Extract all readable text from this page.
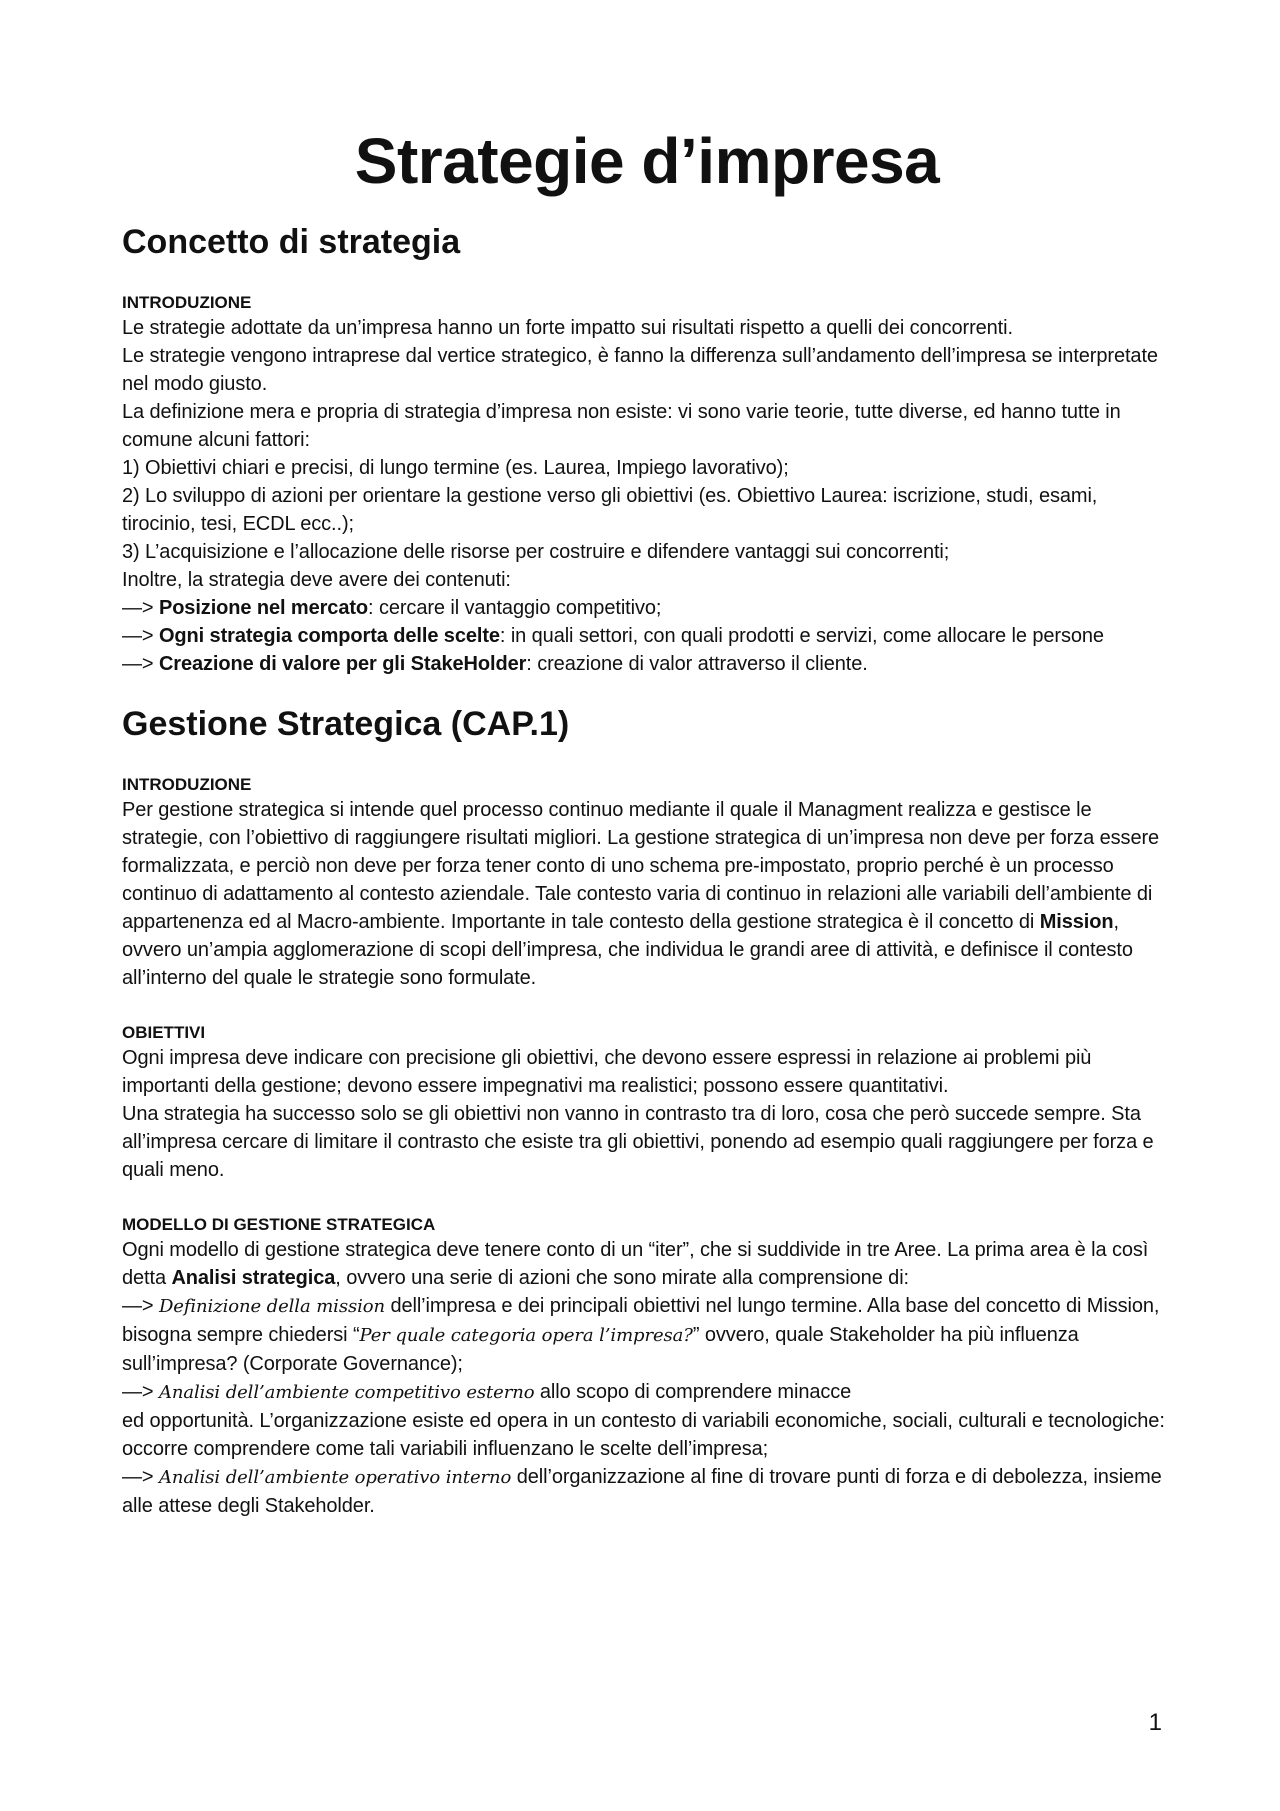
Strategie d’impresa
Concetto di strategia
INTRODUZIONE

Le strategie adottate da un’impresa hanno un forte impatto sui risultati rispetto a quelli dei concorrenti.

Le strategie vengono intraprese dal vertice strategico, è fanno la differenza sull’andamento dell’impresa se interpretate nel modo giusto.

La definizione mera e propria di strategia d’impresa non esiste: vi sono varie teorie, tutte diverse, ed hanno tutte in comune alcuni fattori:

1) Obiettivi chiari e precisi, di lungo termine (es. Laurea, Impiego lavorativo);

2) Lo sviluppo di azioni per orientare la gestione verso gli obiettivi (es. Obiettivo Laurea: iscrizione, studi, esami, tirocinio, tesi, ECDL ecc..);

3) L’acquisizione e l’allocazione delle risorse per costruire e difendere vantaggi sui concorrenti;

Inoltre, la strategia deve avere dei contenuti:

—> Posizione nel mercato: cercare il vantaggio competitivo;

—> Ogni strategia comporta delle scelte: in quali settori, con quali prodotti e servizi, come allocare le persone

—> Creazione di valore per gli StakeHolder: creazione di valor attraverso il cliente.

Gestione Strategica (CAP.1)
INTRODUZIONE

Per gestione strategica si intende quel processo continuo mediante il quale il Managment realizza e gestisce le strategie, con l’obiettivo di raggiungere risultati migliori. La gestione strategica di un’impresa non deve per forza essere formalizzata, e perciò non deve per forza tener conto di uno schema pre-impostato, proprio perché è un processo continuo di adattamento al contesto aziendale. Tale contesto varia di continuo in relazioni alle variabili dell’ambiente di appartenenza ed al Macro-ambiente. Importante in tale contesto della gestione strategica è il concetto di Mission, ovvero un’ampia agglomerazione di scopi dell’impresa, che individua le grandi aree di attività, e definisce il contesto all’interno del quale le strategie sono formulate.

OBIETTIVI

Ogni impresa deve indicare con precisione gli obiettivi, che devono essere espressi in relazione ai problemi più importanti della gestione; devono essere impegnativi ma realistici; possono essere quantitativi.

Una strategia ha successo solo se gli obiettivi non vanno in contrasto tra di loro, cosa che però succede sempre. Sta all’impresa cercare di limitare il contrasto che esiste tra gli obiettivi, ponendo ad esempio quali raggiungere per forza e quali meno.

MODELLO DI GESTIONE STRATEGICA

Ogni modello di gestione strategica deve tenere conto di un “iter”, che si suddivide in tre Aree. La prima area è la così detta Analisi strategica, ovvero una serie di azioni che sono mirate alla comprensione di:

—> Definizione della mission dell’impresa e dei principali obiettivi nel lungo termine. Alla base del concetto di Mission, bisogna sempre chiedersi “Per quale categoria opera l’impresa?” ovvero, quale Stakeholder ha più influenza sull’impresa? (Corporate Governance);

—> Analisi dell’ambiente competitivo esterno allo scopo di comprendere minacce

ed opportunità. L’organizzazione esiste ed opera in un contesto di variabili economiche, sociali, culturali e tecnologiche: occorre comprendere come tali variabili influenzano le scelte dell’impresa;

—> Analisi dell’ambiente operativo interno dell’organizzazione al fine di trovare punti di forza e di debolezza, insieme alle attese degli Stakeholder.

1
